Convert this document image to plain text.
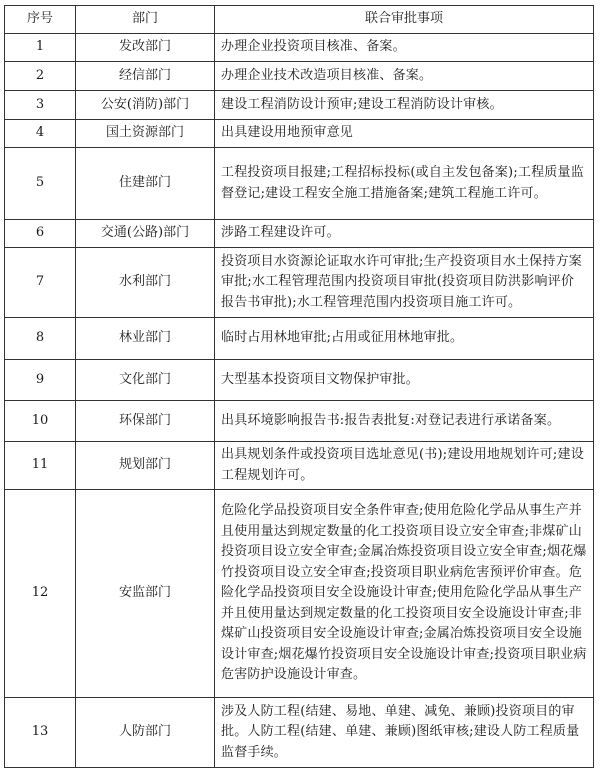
序号	部门	联合审批事项
1	发改部门	办理企业投资项目核准、备案。
2	经信部门	办理企业技术改造项目核准、备案。
3	公安(消防)部门	建设工程消防设计预审;建设工程消防设计审核。
4	国土资源部门	出具建设用地预审意见
5	住建部门	工程投资项目报建;工程招标投标(或自主发包备案);工程质量监督登记;建设工程安全施工措施备案;建筑工程施工许可。
6	交通(公路)部门	涉路工程建设许可。
7	水利部门	投资项目水资源论证取水许可审批;生产投资项目水土保持方案审批;水工程管理范围内投资项目审批(投资项目防洪影响评价报告书审批);水工程管理范围内投资项目施工许可。
8	林业部门	临时占用林地审批;占用或征用林地审批。
9	文化部门	大型基本投资项目文物保护审批。
10	环保部门	出具环境影响报告书:报告表批复:对登记表进行承诺备案。
11	规划部门	出具规划条件或投资项目选址意见(书);建设用地规划许可;建设工程规划许可。
12	安监部门	危险化学品投资项目安全条件审查;使用危险化学品从事生产并且使用量达到规定数量的化工投资项目设立安全审查;非煤矿山投资项目设立安全审查;金属冶炼投资项目设立安全审查;烟花爆竹投资项目设立安全审查;投资项目职业病危害预评价审查。危险化学品投资项目安全设施设计审查;使用危险化学品从事生产并且使用量达到规定数量的化工投资项目安全设施设计审查;非煤矿山投资项目安全设施设计审查;金属冶炼投资项目安全设施设计审查;烟花爆竹投资项目安全设施设计审查;投资项目职业病危害防护设施设计审查。
13	人防部门	涉及人防工程(结建、易地、单建、减免、兼顾)投资项目的审批。人防工程(结建、单建、兼顾)图纸审核;建设人防工程质量监督手续。
